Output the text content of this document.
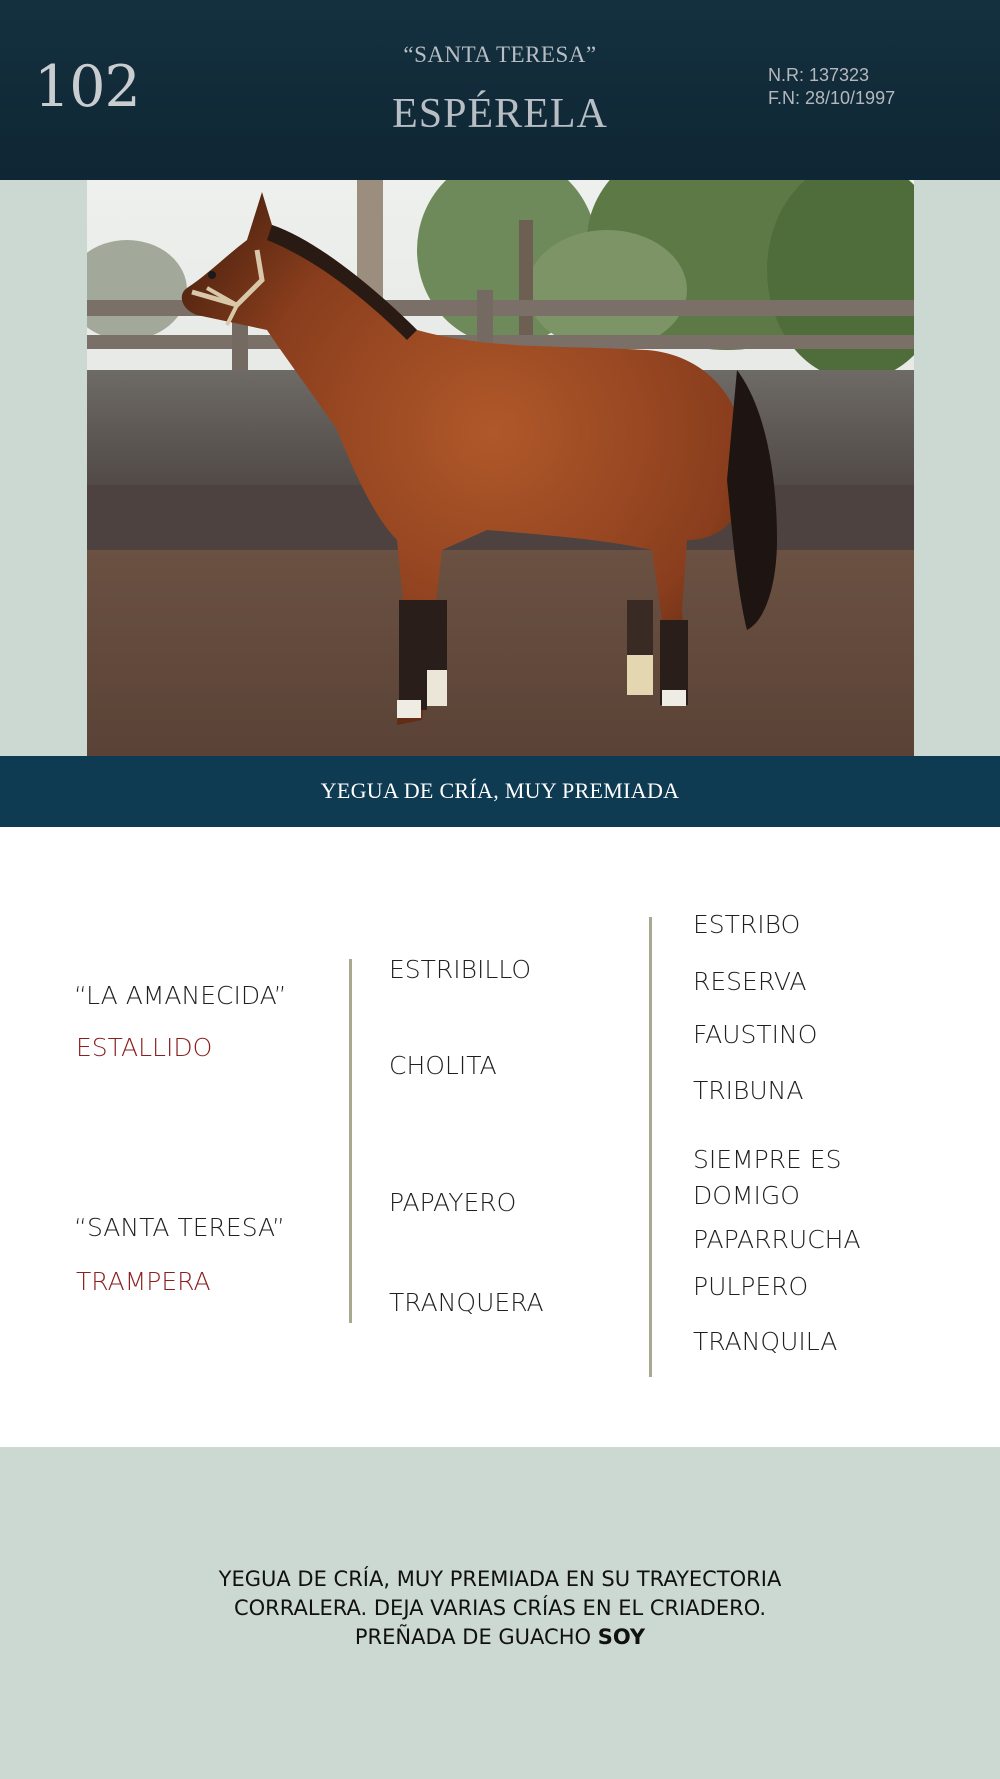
102	“SANTA TERESA”
ESPÉRELA
N.R: 137323
F.N: 28/10/1997
YEGUA DE CRÍA, MUY PREMIADA
“LA AMANECIDA”
ESTALLIDO
“SANTA TERESA”
TRAMPERA
ESTRIBILLO
CHOLITA
PAPAYERO
TRANQUERA
ESTRIBO
RESERVA
FAUSTINO
TRIBUNA
SIEMPRE ES
DOMIGO
PAPARRUCHA
PULPERO
TRANQUILA
YEGUA DE CRÍA, MUY PREMIADA EN SU TRAYECTORIA
CORRALERA. DEJA VARIAS CRÍAS EN EL CRIADERO.
PREÑADA DE GUACHO SOY
